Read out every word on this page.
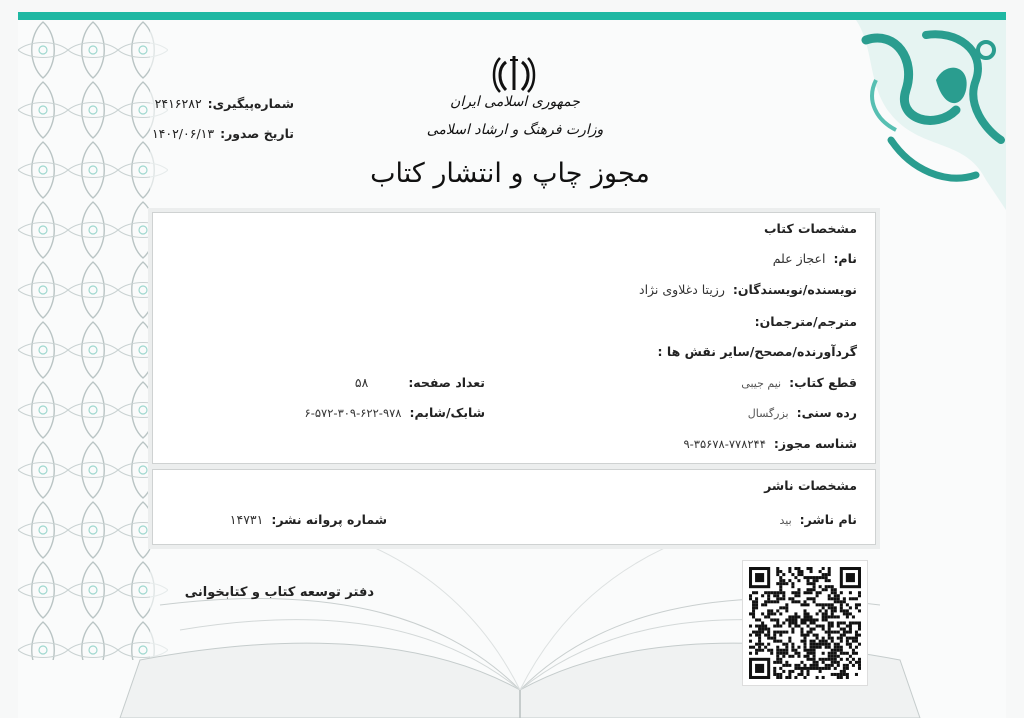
جمهوری اسلامی ایران
وزارت فرهنگ و ارشاد اسلامی
شماره‌پیگیری:۲۴۱۶۲۸۲
تاریخ صدور:۱۴۰۲/۰۶/۱۳
مجوز چاپ و انتشار کتاب
مشخصات کتاب
نام:اعجاز علم
نویسنده/نویسندگان:رزیتا دغلاوی نژاد
مترجم/مترجمان:
گردآورنده/مصحح/سایر نقش ها :
قطع کتاب:نیم جیبی
تعداد صفحه:۵۸
رده سنی:بزرگسال
شابک/شابم:۹۷۸-۶۲۲-۳۰۹-۵۷۲-۶
شناسه مجوز:۷۷۸۲۴۴-۳۵۶۷۸-۹
مشخصات ناشر
نام ناشر:بید
شماره پروانه نشر:۱۴۷۳۱
دفتر توسعه کتاب و کتابخوانی
